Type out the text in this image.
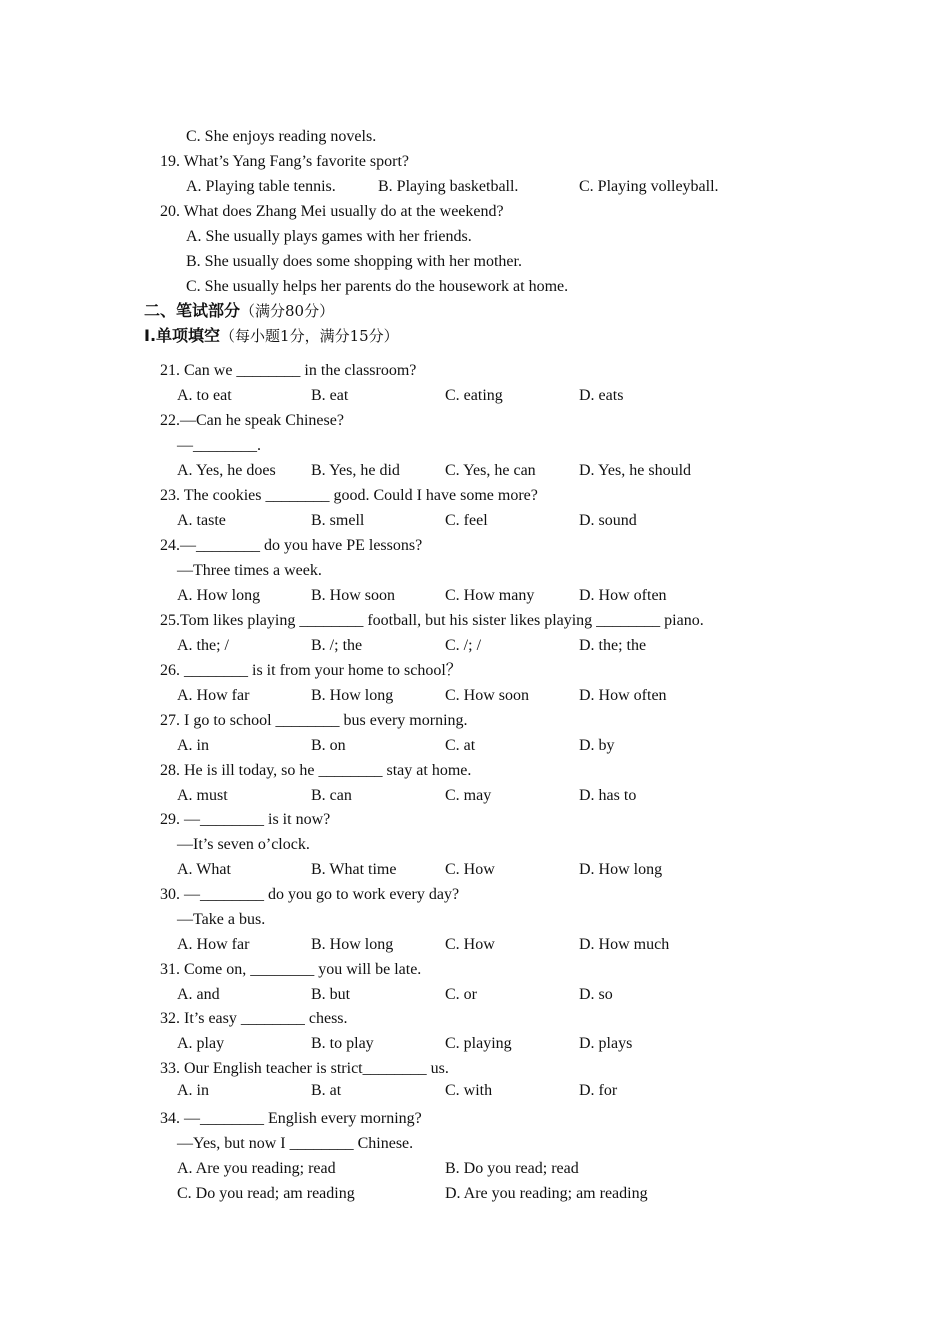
C. She enjoys reading novels.
19. What’s Yang Fang’s favorite sport?
A. Playing table tennis.	B. Playing basketball.	C. Playing volleyball.
20. What does Zhang Mei usually do at the weekend?
A. She usually plays games with her friends.
B. She usually does some shopping with her mother.
C. She usually helps her parents do the housework at home.
二、笔试部分（满分80分）
I.单项填空（每小题1分，满分15分）
21. Can we ________ in the classroom?
A. to eat	B. eat	C. eating	D. eats
22.—Can he speak Chinese?
—________.
A. Yes, he does B. Yes, he did	C. Yes, he can	D. Yes, he should
23. The cookies ________ good. Could I have some more?
A. taste	B. smell	C. feel	D. sound
24.—________ do you have PE lessons?
—Three times a week.
A. How long	B. How soon	C. How many	D. How often
25.Tom likes playing ________ football, but his sister likes playing ________ piano.
A. the; /	B. /; the	C. /; /	D. the; the
26. ________ is it from your home to school？
A. How far	B. How long	C. How soon	D. How often
27. I go to school ________ bus every morning.
A. in	B. on	C. at	D. by
28. He is ill today, so he ________ stay at home.
A. must	B. can	C. may	D. has to
29. —________ is it now?
—It’s seven o’clock.
A. What	B. What time	C. How	D. How long
30. —________ do you go to work every day?
—Take a bus.
A. How far	B. How long	C. How	D. How much
31. Come on, ________ you will be late.
A. and	B. but	C. or	D. so
32. It’s easy ________ chess.
A. play	B. to play	C. playing	D. plays
33. Our English teacher is strict________ us.
A. in	B. at	C. with	D. for
34. —________ English every morning?
—Yes, but now I ________ Chinese.
A. Are you reading; read	B. Do you read; read
C. Do you read; am reading	D. Are you reading; am reading
